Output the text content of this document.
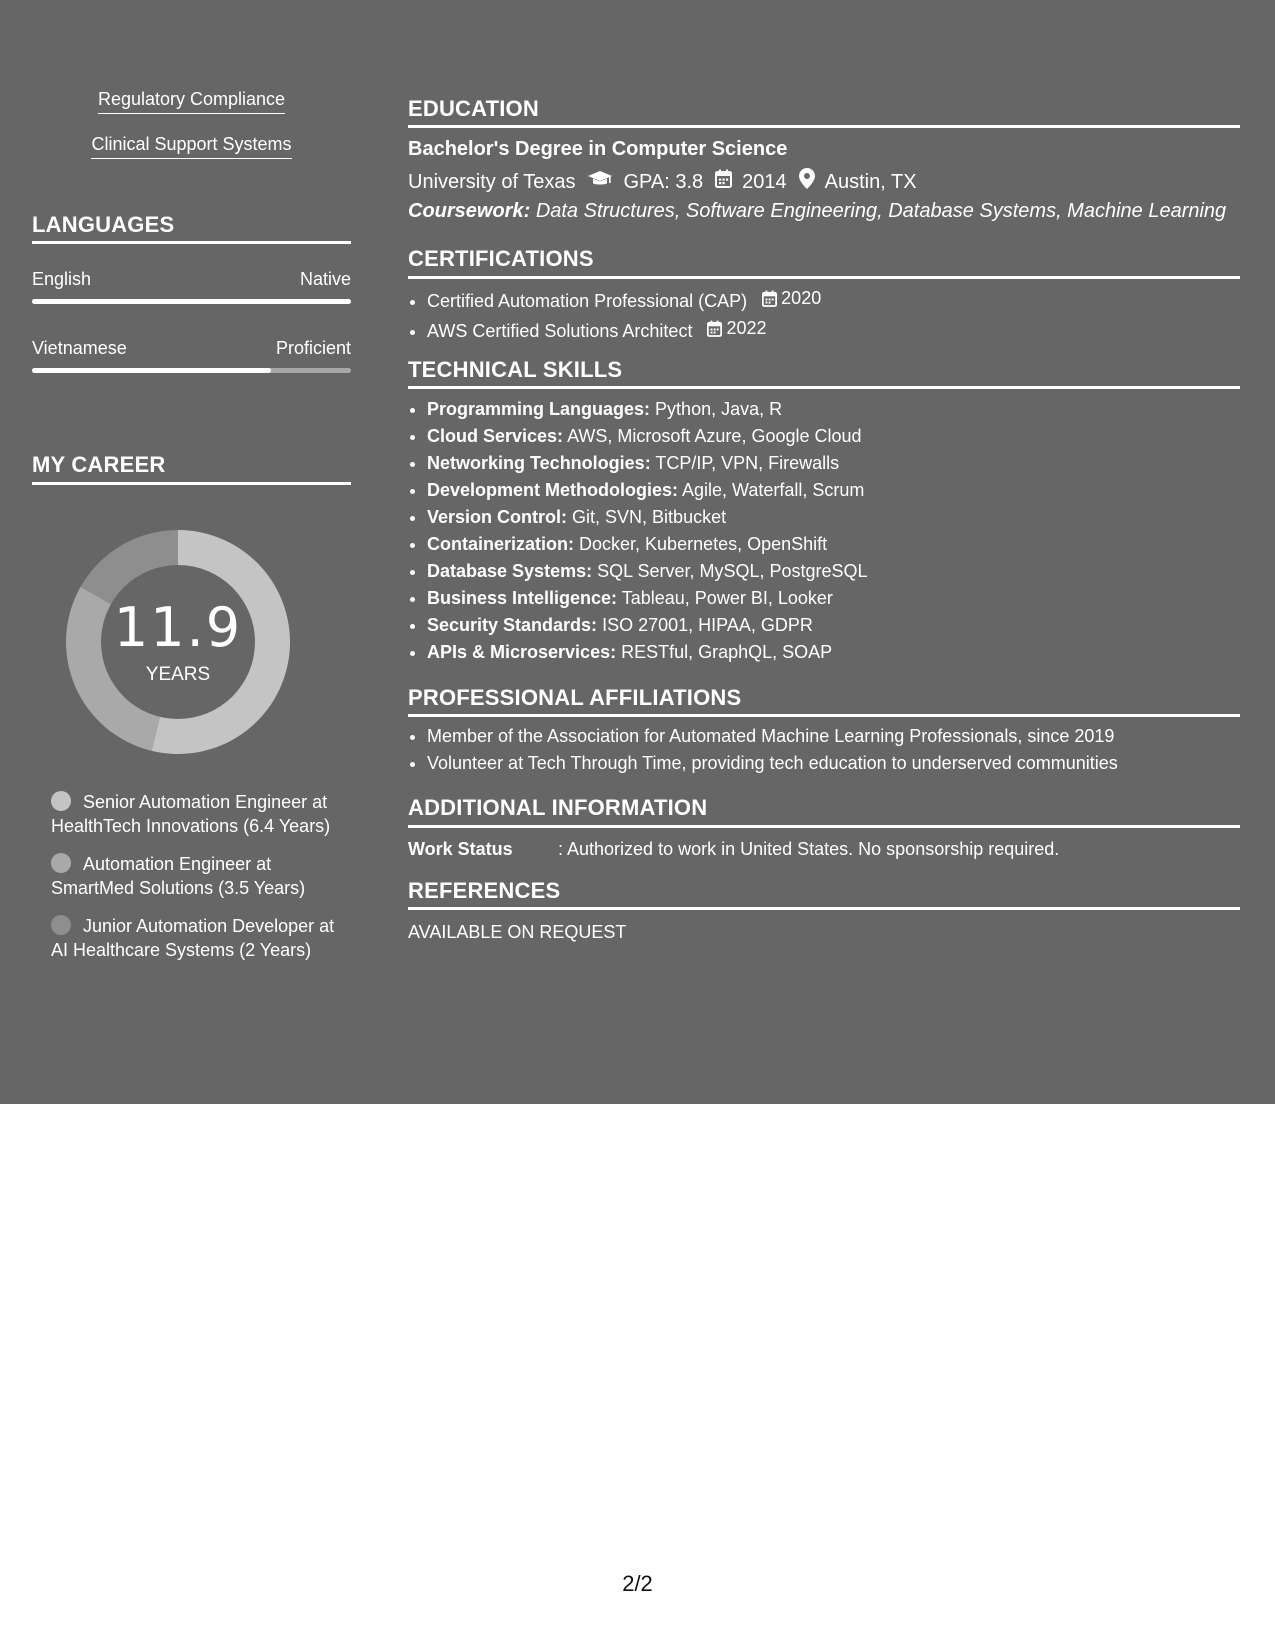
Regulatory Compliance
Clinical Support Systems
LANGUAGES
English	Native
Vietnamese	Proficient
MY CAREER
11.9
YEARS
Senior Automation Engineer at HealthTech Innovations (6.4 Years)
Automation Engineer at SmartMed Solutions (3.5 Years)
Junior Automation Developer at AI Healthcare Systems (2 Years)
EDUCATION
Bachelor's Degree in Computer Science
University of Texas GPA: 3.8 2014 Austin, TX
Coursework: Data Structures, Software Engineering, Database Systems, Machine Learning
CERTIFICATIONS
• Certified Automation Professional (CAP) 2020
• AWS Certified Solutions Architect 2022
TECHNICAL SKILLS
• Programming Languages: Python, Java, R
• Cloud Services: AWS, Microsoft Azure, Google Cloud
• Networking Technologies: TCP/IP, VPN, Firewalls
• Development Methodologies: Agile, Waterfall, Scrum
• Version Control: Git, SVN, Bitbucket
• Containerization: Docker, Kubernetes, OpenShift
• Database Systems: SQL Server, MySQL, PostgreSQL
• Business Intelligence: Tableau, Power BI, Looker
• Security Standards: ISO 27001, HIPAA, GDPR
• APIs & Microservices: RESTful, GraphQL, SOAP
PROFESSIONAL AFFILIATIONS
• Member of the Association for Automated Machine Learning Professionals, since 2019
• Volunteer at Tech Through Time, providing tech education to underserved communities
ADDITIONAL INFORMATION
Work Status	: Authorized to work in United States. No sponsorship required.
REFERENCES
AVAILABLE ON REQUEST
2/2
